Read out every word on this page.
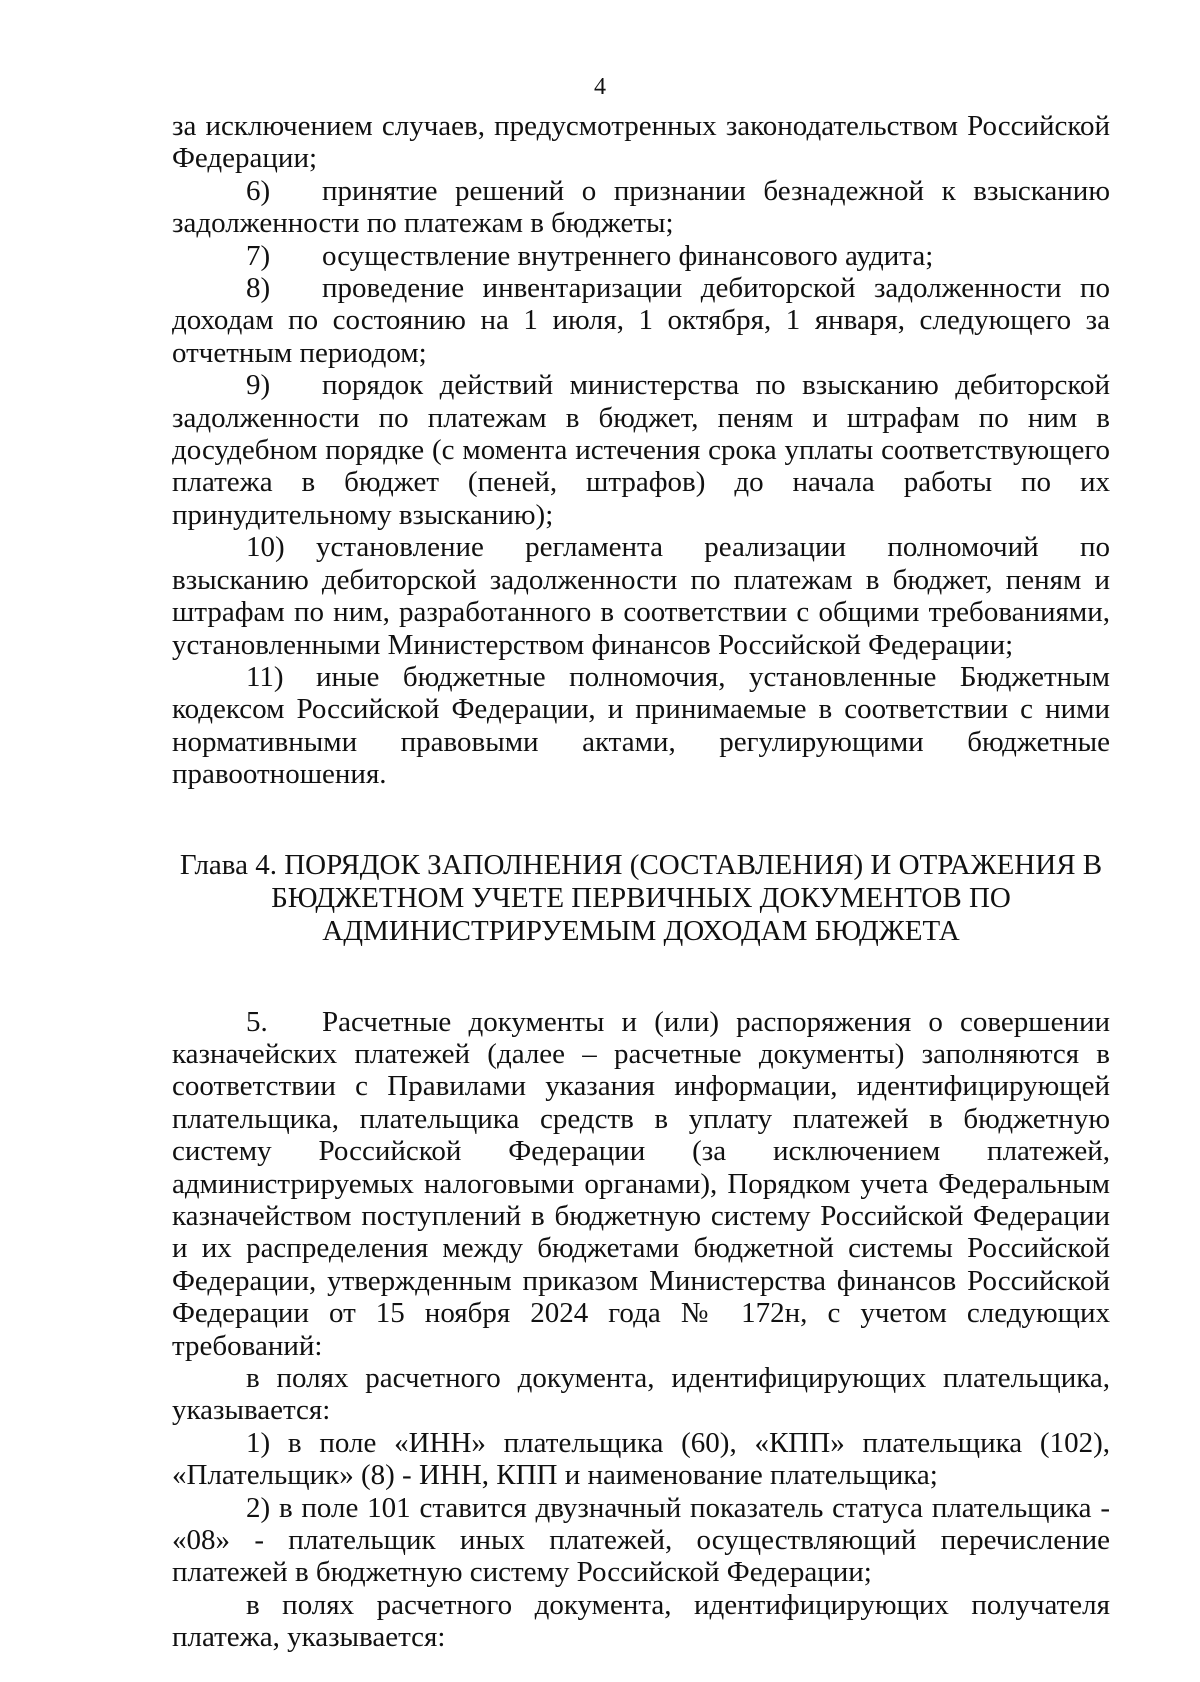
4

за исключением случаев, предусмотренных законодательством Российской Федерации;

6) принятие решений о признании безнадежной к взысканию задолженности по платежам в бюджеты;

7) осуществление внутреннего финансового аудита;

8) проведение инвентаризации дебиторской задолженности по доходам по состоянию на 1 июля, 1 октября, 1 января, следующего за отчетным периодом;

9) порядок действий министерства по взысканию дебиторской задолженности по платежам в бюджет, пеням и штрафам по ним в досудебном порядке (с момента истечения срока уплаты соответствующего платежа в бюджет (пеней, штрафов) до начала работы по их принудительному взысканию);

10) установление регламента реализации полномочий по взысканию дебиторской задолженности по платежам в бюджет, пеням и штрафам по ним, разработанного в соответствии с общими требованиями, установленными Министерством финансов Российской Федерации;

11) иные бюджетные полномочия, установленные Бюджетным кодексом Российской Федерации, и принимаемые в соответствии с ними нормативными правовыми актами, регулирующими бюджетные правоотношения.

Глава 4. ПОРЯДОК ЗАПОЛНЕНИЯ (СОСТАВЛЕНИЯ) И ОТРАЖЕНИЯ В
БЮДЖЕТНОМ УЧЕТЕ ПЕРВИЧНЫХ ДОКУМЕНТОВ ПО
АДМИНИСТРИРУЕМЫМ ДОХОДАМ БЮДЖЕТА

5. Расчетные документы и (или) распоряжения о совершении казначейских платежей (далее – расчетные документы) заполняются в соответствии с Правилами указания информации, идентифицирующей плательщика, плательщика средств в уплату платежей в бюджетную систему Российской Федерации (за исключением платежей, администрируемых налоговыми органами), Порядком учета Федеральным казначейством поступлений в бюджетную систему Российской Федерации и их распределения между бюджетами бюджетной системы Российской Федерации, утвержденным приказом Министерства финансов Российской Федерации от 15 ноября 2024 года № 172н, с учетом следующих требований:

в полях расчетного документа, идентифицирующих плательщика, указывается:

1) в поле «ИНН» плательщика (60), «КПП» плательщика (102), «Плательщик» (8) - ИНН, КПП и наименование плательщика;

2) в поле 101 ставится двузначный показатель статуса плательщика - «08» - плательщик иных платежей, осуществляющий перечисление платежей в бюджетную систему Российской Федерации;

в полях расчетного документа, идентифицирующих получателя платежа, указывается:
